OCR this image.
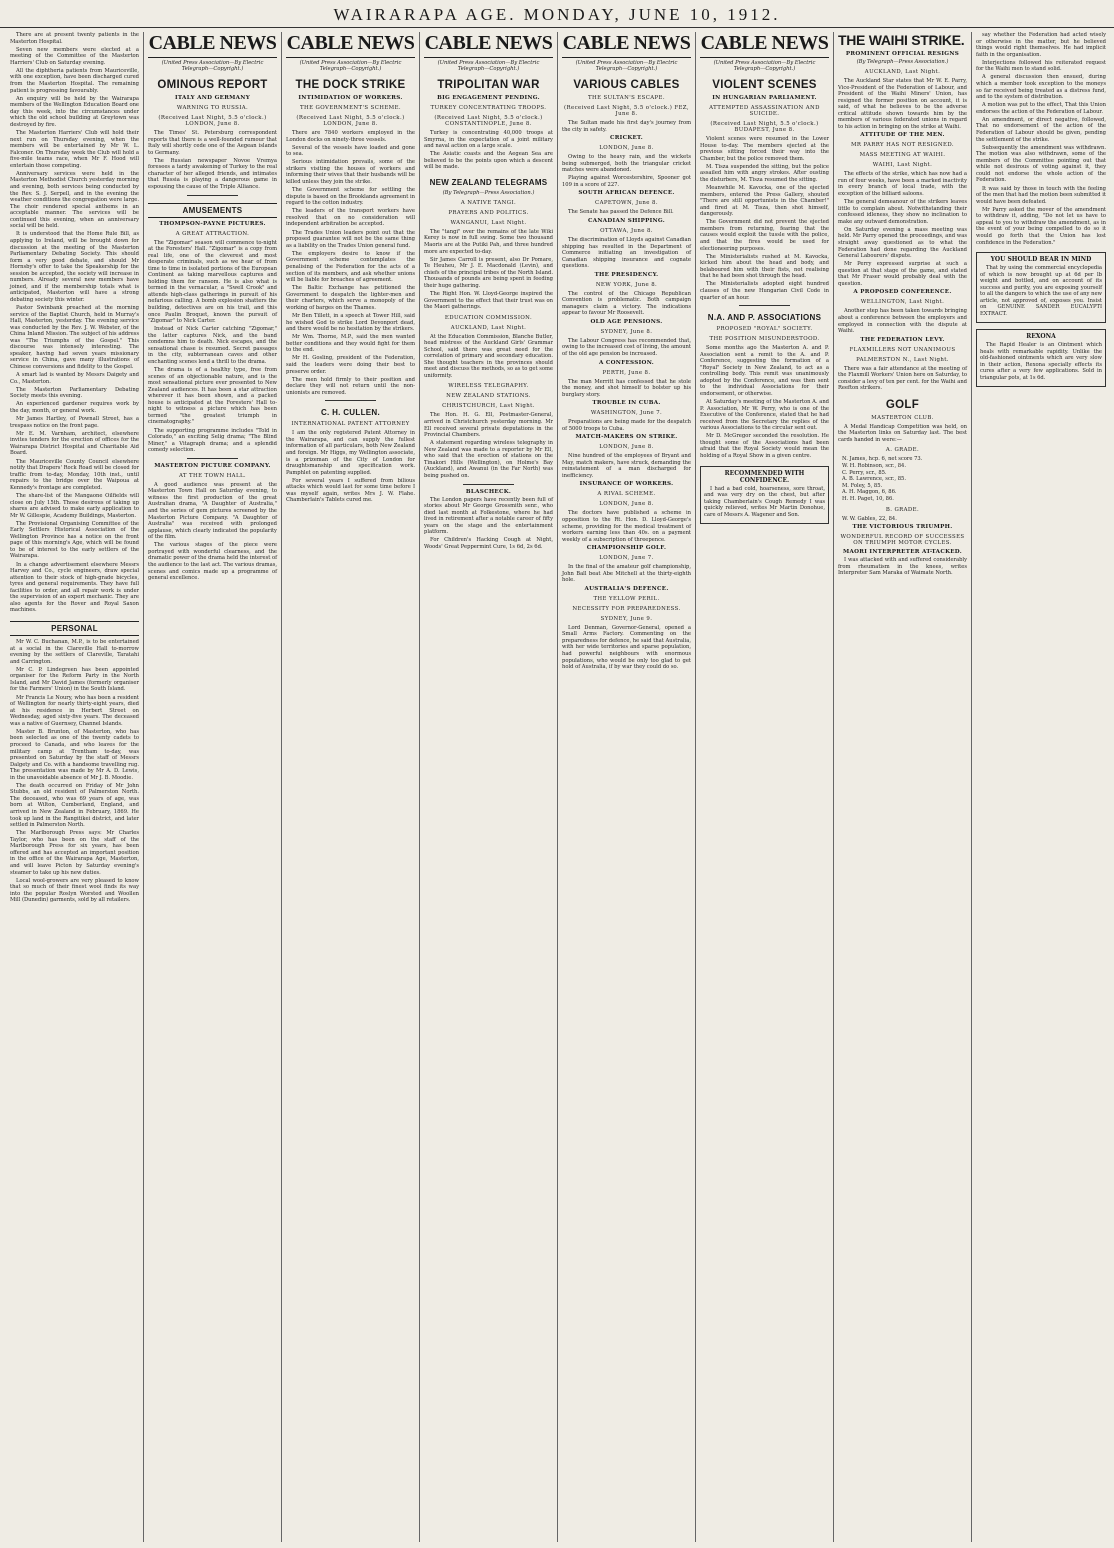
WAIRARAPA AGE. MONDAY, JUNE 10, 1912.
There are at present twenty patients in the Masterton Hospital.
Seven new members were elected at a meeting of the Committee of the Masterton Harriers' Club on Saturday evening.
All the diphtheria patients from Mauriceville, with one exception, have been discharged cured from the Masterton Hospital. The remaining patient is progressing favourably.
An enquiry will be held by the Wairarapa members of the Wellington Education Board one day this week, into the circumstances under which the old school building at Greytown was destroyed by fire.
The Masterton Harriers' Club will hold their next run on Thursday evening, when the members will be entertained by Mr W. L. Falconer. On Thursday week the Club will hold a five-mile teams race, when Mr F. Hood will entertain those competing.
Anniversary services were held in the Masterton Methodist Church yesterday morning and evening, both services being conducted by the Rev. S. J. Serpell, and in the evening the weather conditions the congregation were large. The choir rendered special anthems in an acceptable manner. The services will be continued this evening, when an anniversary social will be held.
It is understood that the Home Rule Bill, as applying to Ireland, will be brought down for discussion at the meeting of the Masterton Parliamentary Debating Society. This should form a very good debate, and should Mr Hornsby's offer to take the Speakership for the session be accepted, the society will increase in numbers. Already several new members have joined, and if the membership totals what is anticipated, Masterton will have a strong debating society this winter.
Pastor Swinbank preached at the morning service of the Baptist Church, held in Murray's Hall, Masterton, yesterday. The evening service was conducted by the Rev. J. W. Webster, of the China Inland Mission. The subject of his address was "The Triumphs of the Gospel." This discourse was intensely interesting. The speaker, having had seven years missionary service in China, gave many illustrations of Chinese conversions and fidelity to the Gospel.
A smart lad is wanted by Messrs Daigety and Co., Masterton.
The Masterton Parliamentary Debating Society meets this evening.
An experienced gardener requires work by the day, month, or general work.
Mr James Hartley, of Pownall Street, has a trespass notice on the front page.
Mr E. M. Varnham, architect, elsewhere invites tenders for the erection of offices for the Wairarapa District Hospital and Charitable Aid Board.
The Mauriceville County Council elsewhere notify that Drapers' Rock Road will be closed for traffic from to-day, Monday, 10th inst., until repairs to the bridge over the Waipoua at Kennedy's frontage are completed.
The share-list of the Mangaone Oilfields will close on July 15th. Those desirous of taking up shares are advised to make early application to Mr W. Gillespie, Academy Buildings, Masterton.
The Provisional Organising Committee of the Early Settlers Historical Association of the Wellington Province has a notice on the front page of this morning's Age, which will be found to be of interest to the early settlers of the Wairarapa.
In a change advertisement elsewhere Messrs Harvey and Co., cycle engineers, draw special attention to their stock of high-grade bicycles, tyres and general requirements. They have full facilities to order, and all repair work is under the supervision of an expert mechanic. They are also agents for the Rover and Royal Saxon machines.
PERSONAL
Mr W. C. Buchanan, M.P., is to be entertained at a social in the Clareville Hall to-morrow evening by the settlers of Clareville, Taratahi and Carrington.
Mr C. P. Lindegreen has been appointed organiser for the Reform Party in the North Island, and Mr David James (formerly organiser for the Farmers' Union) in the South Island.
Mr Francis Le Noury, who has been a resident of Wellington for nearly thirty-eight years, died at his residence in Herbert Street on Wednesday, aged sixty-five years. The deceased was a native of Guernsey, Channel Islands.
Master B. Brunton, of Masterton, who has been selected as one of the twenty cadets to proceed to Canada, and who leaves for the military camp at Trentham to-day, was presented on Saturday by the staff of Messrs Dalgety and Co. with a handsome travelling rug. The presentation was made by Mr A. D. Lewis, in the unavoidable absence of Mr J. B. Moodie.
The death occurred on Friday of Mr John Stubbs, an old resident of Palmerston North. The deceased, who was 69 years of age, was born at Wilton, Cumberland, England, and arrived in New Zealand in February, 1869. He took up land in the Rangitikei district, and later settled in Palmerston North.
The Marlborough Press says: Mr Charles Taylor, who has been on the staff of the Marlborough Press for six years, has been offered and has accepted an important position in the office of the Wairarapa Age, Masterton, and will leave Picton by Saturday evening's steamer to take up his new duties.
Local wool-growers are very pleased to know that so much of their finest wool finds its way into the popular Roslyn Worsted and Woollen Mill (Dunedin) garments, sold by all retailers.
CABLE NEWS
(United Press Association—By Electric Telegraph—Copyright.)
OMINOUS REPORT
ITALY AND GERMANY
WARNING TO RUSSIA.
(Received Last Night, 5.5 o'clock.) LONDON, June 8.
The Times' St. Petersburg correspondent reports that there is a well-founded rumour that Italy will shortly cede one of the Aegean islands to Germany.
The Russian newspaper Novoe Vremya foresees a tardy awakening of Turkey to the real character of her alleged friends, and intimates that Russia is playing a dangerous game in espousing the cause of the Triple Alliance.
AMUSEMENTS
THOMPSON-PAYNE PICTURES.
A GREAT ATTRACTION.
The "Zigomar" season will commence to-night at the Foresters' Hall. "Zigomar" is a copy from real life, one of the cleverest and most desperate criminals, such as we hear of from time to time in isolated portions of the European Continent as taking marvellous captures and holding them for ransom. He is also what is termed in the vernacular, a "Swell Crook" and attends high-class gatherings in pursuit of his nefarious calling. A bomb explosion shatters the building, detectives are on his trail, and this once Paulin Broquet, known the pursuit of "Zigomar" to Nick Carter.
Instead of Nick Carter catching "Zigomar," the latter captures Nick, and the band condemns him to death. Nick escapes, and the sensational chase is resumed. Secret passages in the city, subterranean caves and other enchanting scenes lend a thrill to the drama.
The drama is of a healthy type, free from scenes of an objectionable nature, and is the most sensational picture ever presented to New Zealand audiences. It has been a star attraction wherever it has been shown, and a packed house is anticipated at the Foresters' Hall to-night to witness a picture which has been termed "the greatest triumph in cinematography."
The supporting programme includes "Told in Colorado," an exciting Selig drama; "The Blind Miner," a Vitagraph drama; and a splendid comedy selection.
MASTERTON PICTURE COMPANY.
AT THE TOWN HALL.
A good audience was present at the Masterton Town Hall on Saturday evening, to witness the first production of the great Australian drama, "A Daughter of Australia," and the series of gem pictures screened by the Masterton Picture Company. "A Daughter of Australia" was received with prolonged applause, which clearly indicated the popularity of the film.
The various stages of the piece were portrayed with wonderful clearness, and the dramatic power of the drama held the interest of the audience to the last act. The various dramas, scenes and comics made up a programme of general excellence.
CABLE NEWS
(United Press Association—By Electric Telegraph—Copyright.)
THE DOCK STRIKE
INTIMIDATION OF WORKERS.
THE GOVERNMENT'S SCHEME.
(Received Last Night, 5.5 o'clock.) LONDON, June 8.
There are 7840 workers employed in the London docks on ninety-three vessels.
Several of the vessels have loaded and gone to sea.
Serious intimidation prevails, some of the strikers visiting the houses of workers and informing their wives that their husbands will be killed unless they join the strike.
The Government scheme for settling the dispute is based on the Brooklands agreement in regard to the cotton industry.
The leaders of the transport workers have resolved that on no consideration will independent arbitration be accepted.
The Trades Union leaders point out that the proposed guarantee will not be the same thing as a liability on the Trades Union general fund.
The employers desire to know if the Government scheme contemplates the penalising of the Federation for the acts of a section of its members, and ask whether unions will be liable for breaches of agreement.
The Baltic Exchange has petitioned the Government to despatch the lighter-men and their charters, which serve a monopoly of the working of barges on the Thames.
Mr Ben Tillett, in a speech at Tower Hill, said he wished God to strike Lord Devonport dead, and there would be no hesitation by the strikers.
Mr Wm. Thorne, M.P., said the men wanted better conditions and they would fight for them to the end.
Mr H. Gosling, president of the Federation, said the leaders were doing their best to preserve order.
The men hold firmly to their position and declare they will not return until the non-unionists are removed.
C. H. CULLEN.
INTERNATIONAL PATENT ATTORNEY
I am the only registered Patent Attorney in the Wairarapa, and can supply the fullest information of all particulars, both New Zealand and foreign. Mr Higgs, my Wellington associate, is a prizeman of the City of London for draughtsmanship and specification work. Pamphlet on patenting supplied.
For several years I suffered from bilious attacks which would last for some time before I was myself again, writes Mrs J. W. Flahe. Chamberlain's Tablets cured me.
CABLE NEWS
(United Press Association—By Electric Telegraph—Copyright.)
TRIPOLITAN WAR
BIG ENGAGEMENT PENDING.
TURKEY CONCENTRATING TROOPS.
(Received Last Night, 5.5 o'clock.) CONSTANTINOPLE, June 8.
Turkey is concentrating 40,000 troops at Smyrna, in the expectation of a joint military and naval action on a large scale.
The Asiatic coasts and the Aegean Sea are believed to be the points upon which a descent will be made.
NEW ZEALAND TELEGRAMS
(By Telegraph—Press Association.)
A NATIVE TANGI.
PRAYERS AND POLITICS.
WANGANUI, Last Night.
The "tangi" over the remains of the late Wiki Kerey is now in full swing. Some two thousand Maoris are at the Putiki Pah, and three hundred more are expected to-day.
Sir James Carroll is present, also Dr Pomare, Te Heuheu, Mr J. E. Macdonald (Levin), and chiefs of the principal tribes of the North Island. Thousands of pounds are being spent in feeding their huge gathering.
The Right Hon. W. Lloyd-George inspired the Government to the effect that their trust was on the Maori gatherings.
EDUCATION COMMISSION.
AUCKLAND, Last Night.
At the Education Commission, Blanche Butler, head mistress of the Auckland Girls' Grammar School, said there was great need for the correlation of primary and secondary education. She thought teachers in the provinces should meet and discuss the methods, so as to get some uniformity.
WIRELESS TELEGRAPHY.
NEW ZEALAND STATIONS.
CHRISTCHURCH, Last Night.
The Hon. H. G. Ell, Postmaster-General, arrived in Christchurch yesterday morning. Mr Ell received several private deputations in the Provincial Chambers.
A statement regarding wireless telegraphy in New Zealand was made to a reporter by Mr Ell, who said that the erection of stations on the Tinakori Hills (Wellington), on Holme's Bay (Auckland), and Awanui (in the Far North) was being pushed on.
BLASCHECK.
The London papers have recently been full of stories about Mr George Grossmith senr., who died last month at Folkestone, where he had lived in retirement after a notable career of fifty years on the stage and the entertainment platform.
For Children's Hacking Cough at Night, Woods' Great Peppermint Cure, 1s 6d, 2s 6d.
CABLE NEWS
(United Press Association—By Electric Telegraph—Copyright.)
VARIOUS CABLES
THE SULTAN'S ESCAPE.
(Received Last Night, 5.5 o'clock.) FEZ, June 8.
The Sultan made his first day's journey from the city in safety.
CRICKET.
LONDON, June 8.
Owing to the heavy rain, and the wickets being submerged, both the triangular cricket matches were abandoned.
Playing against Worcestershire, Spooner got 109 in a score of 227.
SOUTH AFRICAN DEFENCE.
CAPETOWN, June 8.
The Senate has passed the Defence Bill.
CANADIAN SHIPPING.
OTTAWA, June 8.
The discrimination of Lloyds against Canadian shipping has resulted in the Department of Commerce initiating an investigation of Canadian shipping insurance and cognate questions.
THE PRESIDENCY.
NEW YORK, June 8.
The control of the Chicago Republican Convention is problematic. Both campaign managers claim a victory. The indications appear to favour Mr Roosevelt.
OLD AGE PENSIONS.
SYDNEY, June 8.
The Labour Congress has recommended that, owing to the increased cost of living, the amount of the old age pension be increased.
A CONFESSION.
PERTH, June 8.
The man Merritt has confessed that he stole the money, and shot himself to bolster up his burglary story.
TROUBLE IN CUBA.
WASHINGTON, June 7.
Preparations are being made for the despatch of 5000 troops to Cuba.
MATCH-MAKERS ON STRIKE.
LONDON, June 8.
Nine hundred of the employees of Bryant and May, match makers, have struck, demanding the reinstatement of a man discharged for inefficiency.
INSURANCE OF WORKERS.
A RIVAL SCHEME.
LONDON, June 8.
The doctors have published a scheme in opposition to the Rt. Hon. D. Lloyd-George's scheme, providing for the medical treatment of workers earning less than 40s. on a payment weekly of a subscription of threepence.
CHAMPIONSHIP GOLF.
LONDON, June 7.
In the final of the amateur golf championship, John Ball beat Abe Mitchell at the thirty-eighth hole.
AUSTRALIA'S DEFENCE.
THE YELLOW PERIL.
NECESSITY FOR PREPAREDNESS.
SYDNEY, June 9.
Lord Denman, Governor-General, opened a Small Arms Factory. Commenting on the preparedness for defence, he said that Australia, with her wide territories and sparse population, had powerful neighbours with enormous populations, who would be only too glad to get hold of Australia, if by war they could do so.
CABLE NEWS
(United Press Association—By Electric Telegraph—Copyright.)
VIOLENT SCENES
IN HUNGARIAN PARLIAMENT.
ATTEMPTED ASSASSINATION AND SUICIDE.
(Received Last Night, 5.5 o'clock.) BUDAPEST, June 8.
Violent scenes were resumed in the Lower House to-day. The members ejected at the previous sitting forced their way into the Chamber, but the police removed them.
M. Tisza suspended the sitting, but the police assailed him with angry strokes. After ousting the disturbers, M. Tisza resumed the sitting.
Meanwhile M. Kavocka, one of the ejected members, entered the Press Gallery, shouted "There are still opportunists in the Chamber!" and fired at M. Tisza, then shot himself, dangerously.
The Government did not prevent the ejected members from returning, fearing that the causes would exploit the tussle with the police, and that the fires would be used for electioneering purposes.
The Ministerialists rushed at M. Kavocka, kicked him about the head and body, and belaboured him with their fists, not realising that he had been shot through the head.
The Ministerialists adopted eight hundred clauses of the new Hungarian Civil Code in quarter of an hour.
N.A. AND P. ASSOCIATIONS
PROPOSED "ROYAL" SOCIETY.
THE POSITION MISUNDERSTOOD.
Some months ago the Masterton A. and P. Association sent a remit to the A. and P. Conference, suggesting the formation of a "Royal" Society in New Zealand, to act as a controlling body. This remit was unanimously adopted by the Conference, and was then sent to the individual Associations for their endorsement, or otherwise.
At Saturday's meeting of the Masterton A. and P. Association, Mr W. Perry, who is one of the Executive of the Conference, stated that he had received from the Secretary the replies of the various Associations to the circular sent out.
Mr D. McGregor seconded the resolution. He thought some of the Associations had been afraid that the Royal Society would mean the holding of a Royal Show in a given centre.
RECOMMENDED WITH CONFIDENCE.
I had a bad cold, hoarseness, sore throat, and was very dry on the chest, but after taking Chamberlain's Cough Remedy I was quickly relieved, writes Mr Martin Donohue, care of Messrs A. Wagener and Son.
THE WAIHI STRIKE.
PROMINENT OFFICIAL RESIGNS
(By Telegraph—Press Association.)
AUCKLAND, Last Night.
The Auckland Star states that Mr W. E. Parry, Vice-President of the Federation of Labour, and President of the Waihi Miners' Union, has resigned the former position on account, it is said, of what he believes to be the adverse critical attitude shown towards him by the members of various federated unions in regard to his action in bringing on the strike at Waihi.
ATTITUDE OF THE MEN.
MR PARRY HAS NOT RESIGNED.
MASS MEETING AT WAIHI.
WAIHI, Last Night.
The effects of the strike, which has now had a run of four weeks, have been a marked inactivity in every branch of local trade, with the exception of the billiard saloons.
The general demeanour of the strikers leaves little to complain about. Notwithstanding their confessed idleness, they show no inclination to make any outward demonstration.
On Saturday evening a mass meeting was held. Mr Parry opened the proceedings, and was straight away questioned as to what the Federation had done regarding the Auckland General Labourers' dispute.
Mr Perry expressed surprise at such a question at that stage of the game, and stated that Mr Fraser would probably deal with the question.
A PROPOSED CONFERENCE.
WELLINGTON, Last Night.
Another step has been taken towards bringing about a conference between the employers and employed in connection with the dispute at Waihi.
THE FEDERATION LEVY.
FLAXMILLERS NOT UNANIMOUS
PALMERSTON N., Last Night.
There was a fair attendance at the meeting of the Flaxmill Workers' Union here on Saturday, to consider a levy of ten per cent. for the Waihi and Reefton strikers.
GOLF
MASTERTON CLUB.
A Medal Handicap Competition was held, on the Masterton links on Saturday last. The best cards handed in were:—
A. GRADE.
N. James, hcp. 6, net score 73.
W. H. Robinson, scr., 84.
C. Perry, scr., 85.
A. B. Lawrence, scr., 85.
M. Foley, 5, 85.
A. H. Maggon, 6, 86.
H. H. Paget, 10, 86.
B. GRADE.
W. W. Gables, 22, 84.
THE VICTORIOUS TRIUMPH.
WONDERFUL RECORD OF SUCCESSES ON TRIUMPH MOTOR CYCLES.
MAORI INTERPRETER AT-TACKED.
I was attacked with and suffered considerably from rheumatism in the knees, writes Interpreter Sam Maraka of Waimate North.
say whether the Federation had acted wisely or otherwise in the matter, but he believed things would right themselves. He had implicit faith in the organisation.
Interjections followed his reiterated request for the Waihi men to stand solid.
A general discussion then ensued, during which a member took exception to the moneys so far received being treated as a distress fund, and to the system of distribution.
A motion was put to the effect, That this Union endorses the action of the Federation of Labour.
An amendment, or direct negative, followed, That no endorsement of the action of the Federation of Labour should be given, pending the settlement of the strike.
Subsequently the amendment was withdrawn. The motion was also withdrawn, some of the members of the Committee pointing out that while not desirous of voting against it, they could not endorse the whole action of the Federation.
It was said by those in touch with the feeling of the men that had the motion been submitted it would have been defeated.
Mr Parry asked the mover of the amendment to withdraw it, adding, "Do not let us have to appeal to you to withdraw the amendment, as in the event of your being compelled to do so it would go forth that the Union has lost confidence in the Federation."
YOU SHOULD BEAR IN MIND
That by using the commercial encyclopedia of which is now brought up at 6d per lb weight and bottled, and on account of its success and purity, you are exposing yourself to all the dangers to which the use of any new article, not approved of, exposes you. Insist on GENUINE SANDER EUCALYPTI EXTRACT.
REXONA
The Rapid Healer is an Ointment which heals with remarkable rapidity. Unlike the old-fashioned ointments which are very slow in their action, Rexona specially effects its cures after a very few applications. Sold in triangular pots, at 1s 6d.
